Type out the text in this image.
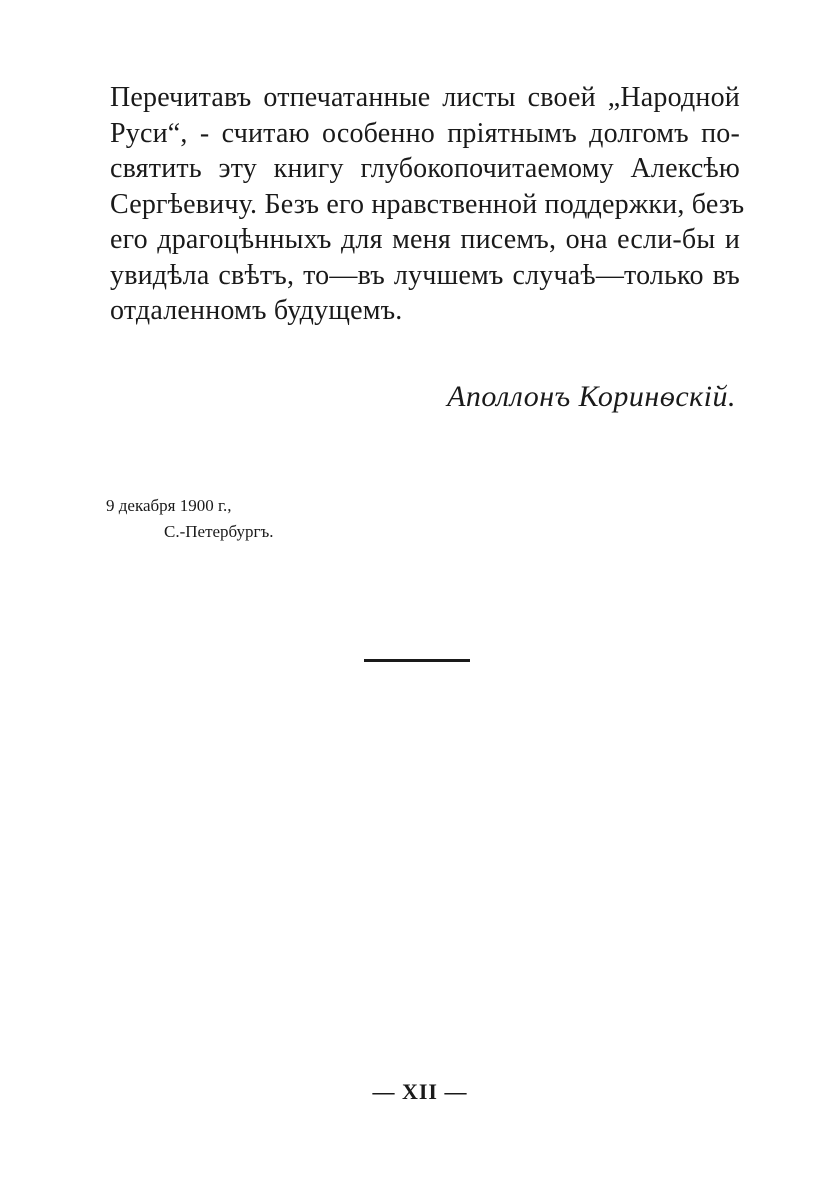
Перечитавъ отпечатанные листы своей „Народной
Руси“, - считаю особенно пріятнымъ долгомъ по-
святить эту книгу глубокопочитаемому Алексѣю
Сергѣевичу. Безъ его нравственной поддержки, безъ
его драгоцѣнныхъ для меня писемъ, она если-бы и
увидѣла свѣтъ, то—въ лучшемъ случаѣ—только въ
отдаленномъ будущемъ.
Аполлонъ Коринѳскій.
9 декабря 1900 г.,
С.-Петербургъ.
— XII —
